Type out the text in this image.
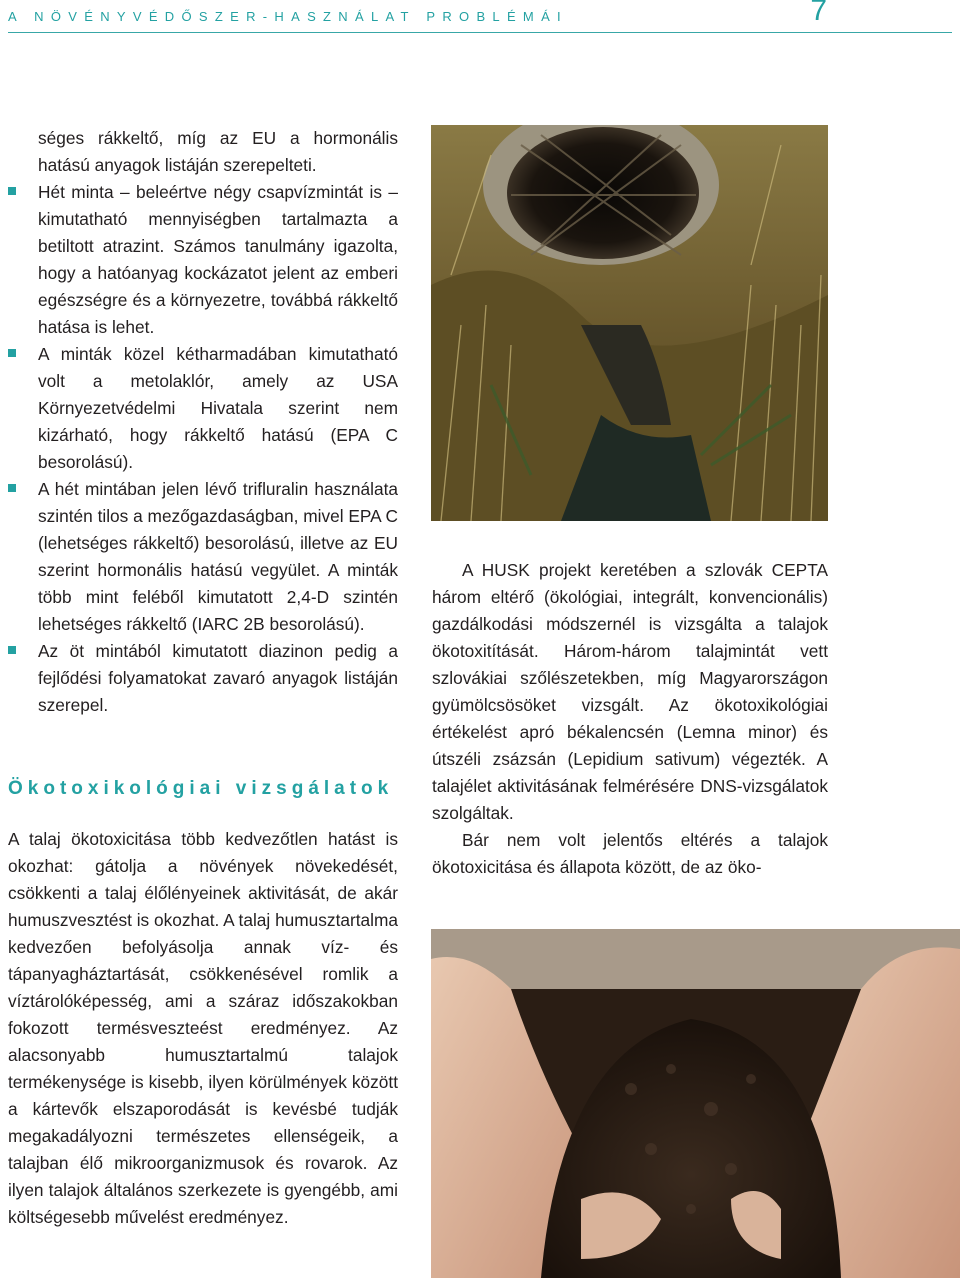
A NÖVÉNYVÉDŐSZER-HASZNÁLAT PROBLÉMÁI	7

séges rákkeltő, míg az EU a hormonális hatású anyagok listáján szerepelteti.

Hét minta – beleértve négy csapvízmintát is – kimutatható mennyiségben tartalmazta a betiltott atrazint. Számos tanulmány igazolta, hogy a hatóanyag kockázatot jelent az emberi egészségre és a környezetre, továbbá rákkeltő hatása is lehet.

A minták közel kétharmadában kimutatható volt a metolaklór, amely az USA Környezetvédelmi Hivatala szerint nem kizárható, hogy rákkeltő hatású (EPA C besorolású).

A hét mintában jelen lévő trifluralin használata szintén tilos a mezőgazdaságban, mivel EPA C (lehetséges rákkeltő) besorolású, illetve az EU szerint hormonális hatású vegyület. A minták több mint feléből kimutatott 2,4-D szintén lehetséges rákkeltő (IARC 2B besorolású).

Az öt mintából kimutatott diazinon pedig a fejlődési folyamatokat zavaró anyagok listáján szerepel.

Ökotoxikológiai vizsgálatok

A talaj ökotoxicitása több kedvezőtlen hatást is okozhat: gátolja a növények növekedését, csökkenti a talaj élőlényeinek aktivitását, de akár humuszvesztést is okozhat. A talaj humusztartalma kedvezően befolyásolja annak víz- és tápanyagháztartását, csökkenésével romlik a víztárolóképesség, ami a száraz időszakokban fokozott termésveszteést eredményez. Az alacsonyabb humusztartalmú talajok termékenysége is kisebb, ilyen körülmények között a kártevők elszaporodását is kevésbé tudják megakadályozni természetes ellenségeik, a talajban élő mikroorganizmusok és rovarok. Az ilyen talajok általános szerkezete is gyengébb, ami költségesebb művelést eredményez.

A HUSK projekt keretében a szlovák CEPTA három eltérő (ökológiai, integrált, konvencionális) gazdálkodási módszernél is vizsgálta a talajok ökotoxitítását. Három-három talajmintát vett szlovákiai szőlészetekben, míg Magyarországon gyümölcsösöket vizsgált. Az ökotoxikológiai értékelést apró békalencsén (Lemna minor) és útszéli zsázsán (Lepidium sativum) végezték. A talajélet aktivitásának felmérésére DNS-vizsgálatok szolgáltak.

Bár nem volt jelentős eltérés a talajok ökotoxicitása és állapota között, de az öko-
